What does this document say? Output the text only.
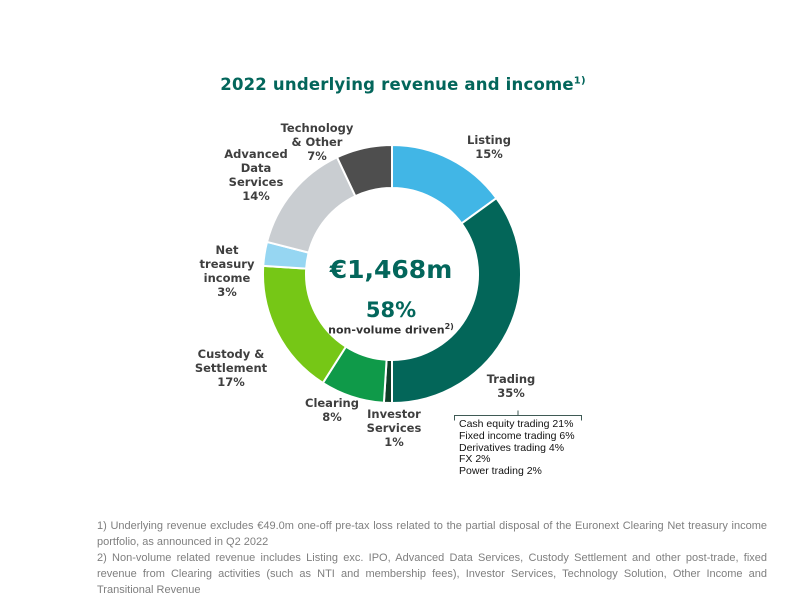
2022 underlying revenue and income$^{1)}$
€1,468m
58%
non-volume driven$^{2)}$
Listing
15%
Trading
35%
Investor
Services
1%
Clearing
8%
Custody &
Settlement
17%
Net
treasury
income
3%
Advanced
Data
Services
14%
Technology
& Other
7%
Cash equity trading 21%
Fixed income trading 6%
Derivatives trading 4%
FX 2%
Power trading 2%

1) Underlying revenue excludes €49.0m one-off pre-tax loss related to the partial disposal of the Euronext Clearing Net treasury income portfolio, as announced in Q2 2022

2) Non-volume related revenue includes Listing exc. IPO, Advanced Data Services, Custody Settlement and other post-trade, fixed revenue from Clearing activities (such as NTI and membership fees), Investor Services, Technology Solution, Other Income and Transitional Revenue
